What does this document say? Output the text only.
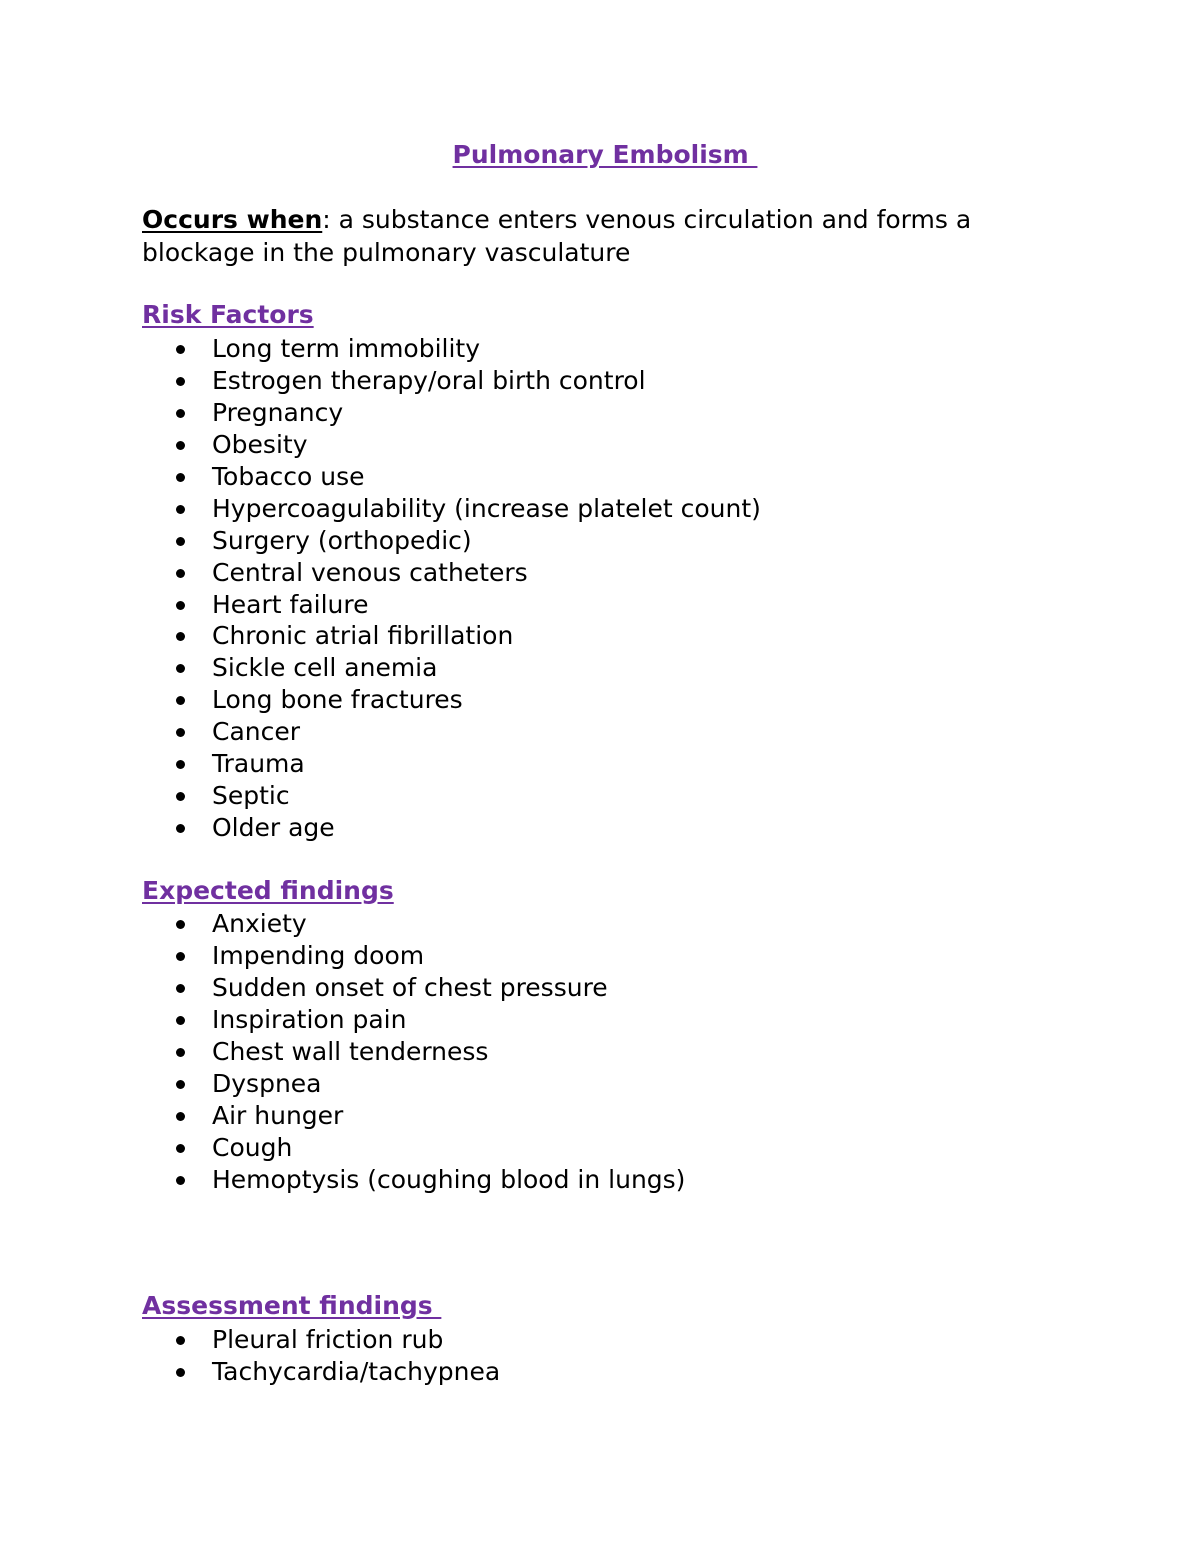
Pulmonary Embolism
Occurs when: a substance enters venous circulation and forms a blockage in the pulmonary vasculature
Risk Factors
Long term immobility
Estrogen therapy/oral birth control
Pregnancy
Obesity
Tobacco use
Hypercoagulability (increase platelet count)
Surgery (orthopedic)
Central venous catheters
Heart failure
Chronic atrial fibrillation
Sickle cell anemia
Long bone fractures
Cancer
Trauma
Septic
Older age
Expected findings
Anxiety
Impending doom
Sudden onset of chest pressure
Inspiration pain
Chest wall tenderness
Dyspnea
Air hunger
Cough
Hemoptysis (coughing blood in lungs)
Assessment findings
Pleural friction rub
Tachycardia/tachypnea
